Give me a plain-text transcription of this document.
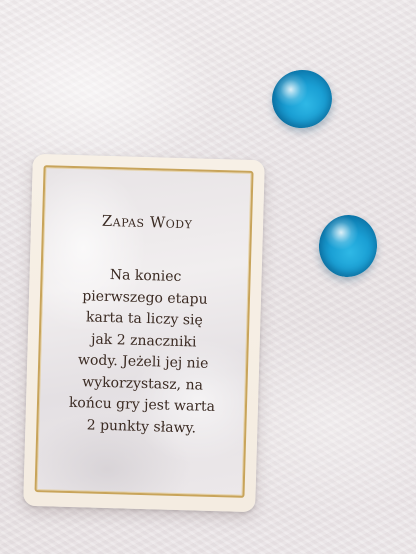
Zapas Wody
Na koniec
pierwszego etapu
karta ta liczy się
jak 2 znaczniki
wody. Jeżeli jej nie
wykorzystasz, na
końcu gry jest warta
2 punkty sławy.
